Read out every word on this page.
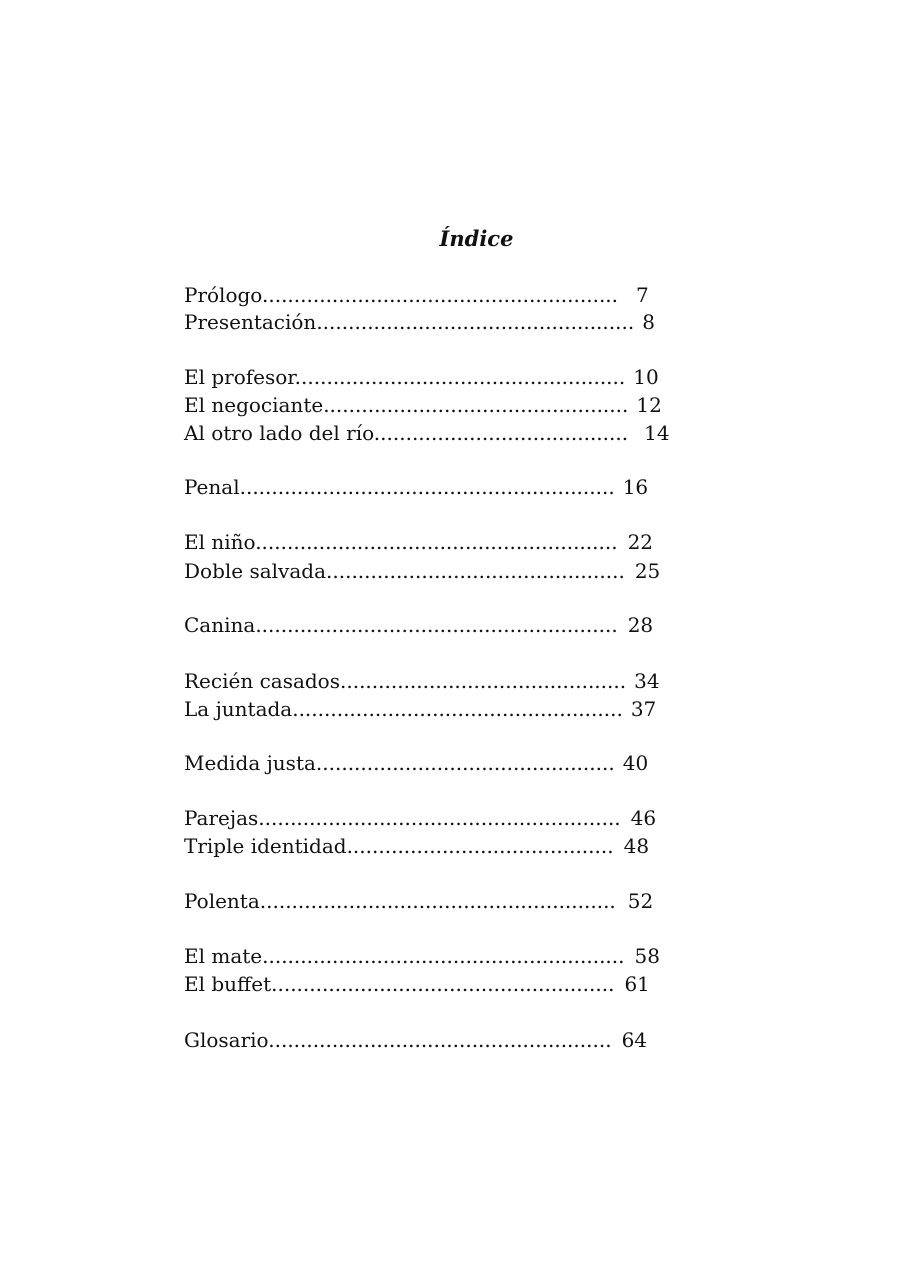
Índice
Prólogo........................................................ 7
Presentación.................................................. 8
El profesor.................................................... 10
El negociante................................................ 12
Al otro lado del río........................................ 14
Penal........................................................... 16
El niño......................................................... 22
Doble salvada............................................... 25
Canina......................................................... 28
Recién casados............................................. 34
La juntada.................................................... 37
Medida justa............................................... 40
Parejas......................................................... 46
Triple identidad.......................................... 48
Polenta........................................................ 52
El mate......................................................... 58
El buffet...................................................... 61
Glosario...................................................... 64
